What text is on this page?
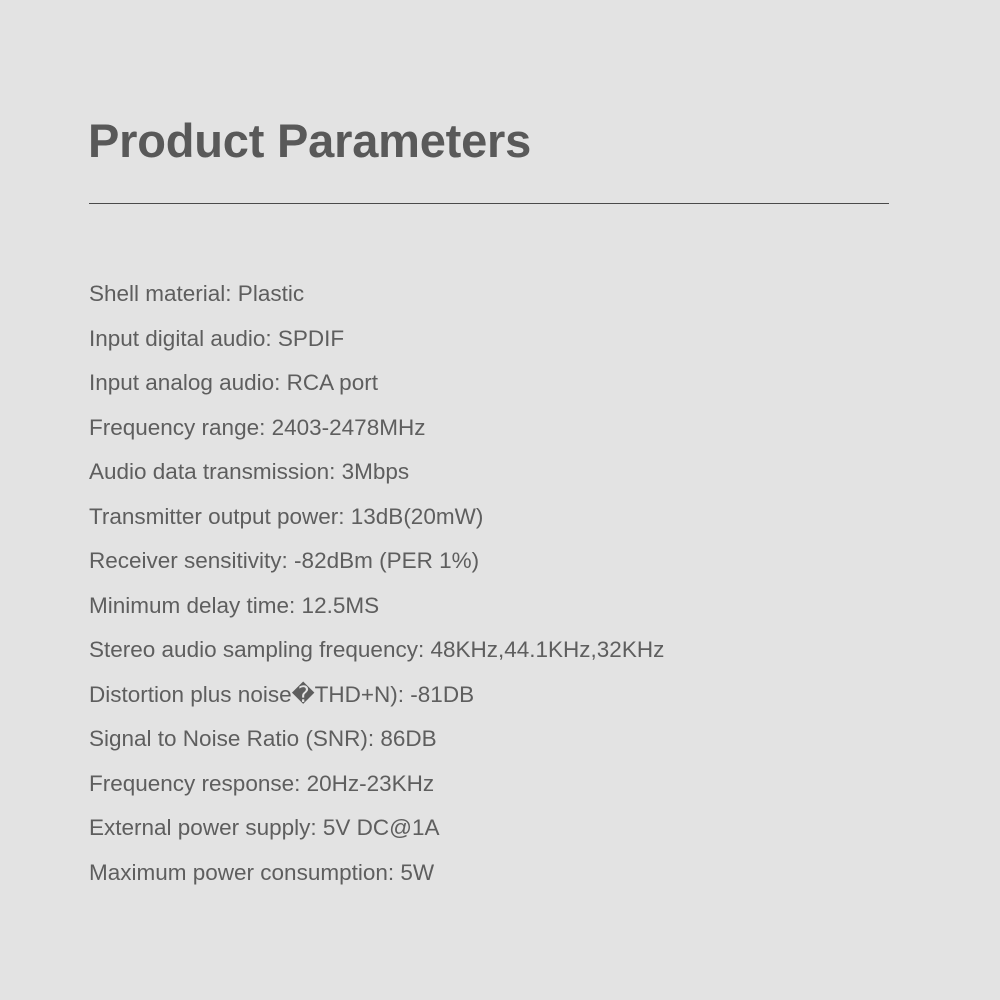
Product Parameters
Shell material: Plastic
Input digital audio: SPDIF
Input analog audio: RCA port
Frequency range: 2403-2478MHz
Audio data transmission: 3Mbps
Transmitter output power: 13dB(20mW)
Receiver sensitivity: -82dBm (PER 1%)
Minimum delay time: 12.5MS
Stereo audio sampling frequency: 48KHz,44.1KHz,32KHz
Distortion plus noise�THD+N): -81DB
Signal to Noise Ratio (SNR): 86DB
Frequency response: 20Hz-23KHz
External power supply: 5V DC@1A
Maximum power consumption: 5W
